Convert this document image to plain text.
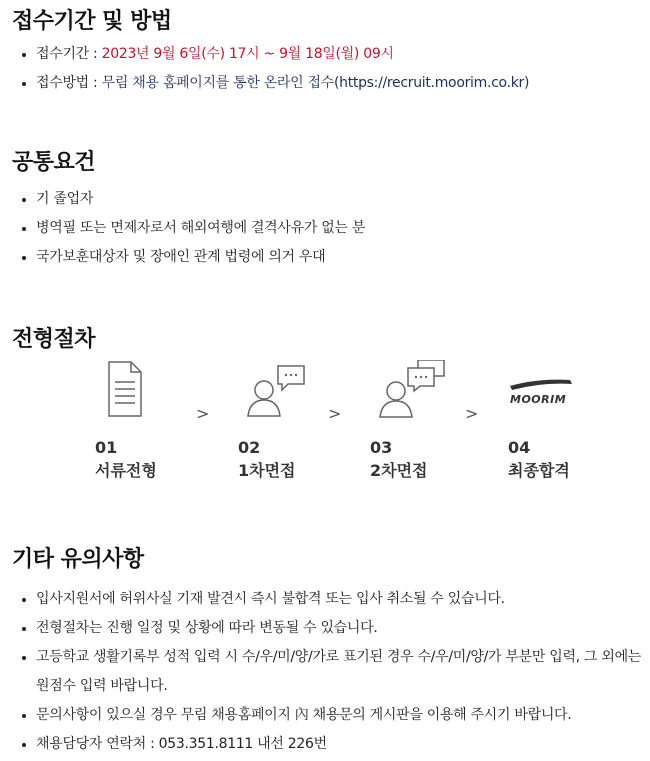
접수기간 및 방법
접수기간 : 2023년 9월 6일(수) 17시 ~ 9월 18일(월) 09시
접수방법 : 무림 채용 홈페이지를 통한 온라인 접수(https://recruit.moorim.co.kr)
공통요건
기 졸업자
병역필 또는 면제자로서 해외여행에 결격사유가 없는 분
국가보훈대상자 및 장애인 관계 법령에 의거 우대
전형절차
01
서류전형
>
02
1차면접
>
03
2차면접
>
MOORIM
04
최종합격
기타 유의사항
입사지원서에 허위사실 기재 발견시 즉시 불합격 또는 입사 취소될 수 있습니다.
전형절차는 진행 일정 및 상황에 따라 변동될 수 있습니다.
고등학교 생활기록부 성적 입력 시 수/우/미/양/가로 표기된 경우 수/우/미/양/가 부분만 입력, 그 외에는 원점수 입력 바랍니다.
문의사항이 있으실 경우 무림 채용홈페이지 內 채용문의 게시판을 이용해 주시기 바랍니다.
채용담당자 연락처 : 053.351.8111 내선 226번
